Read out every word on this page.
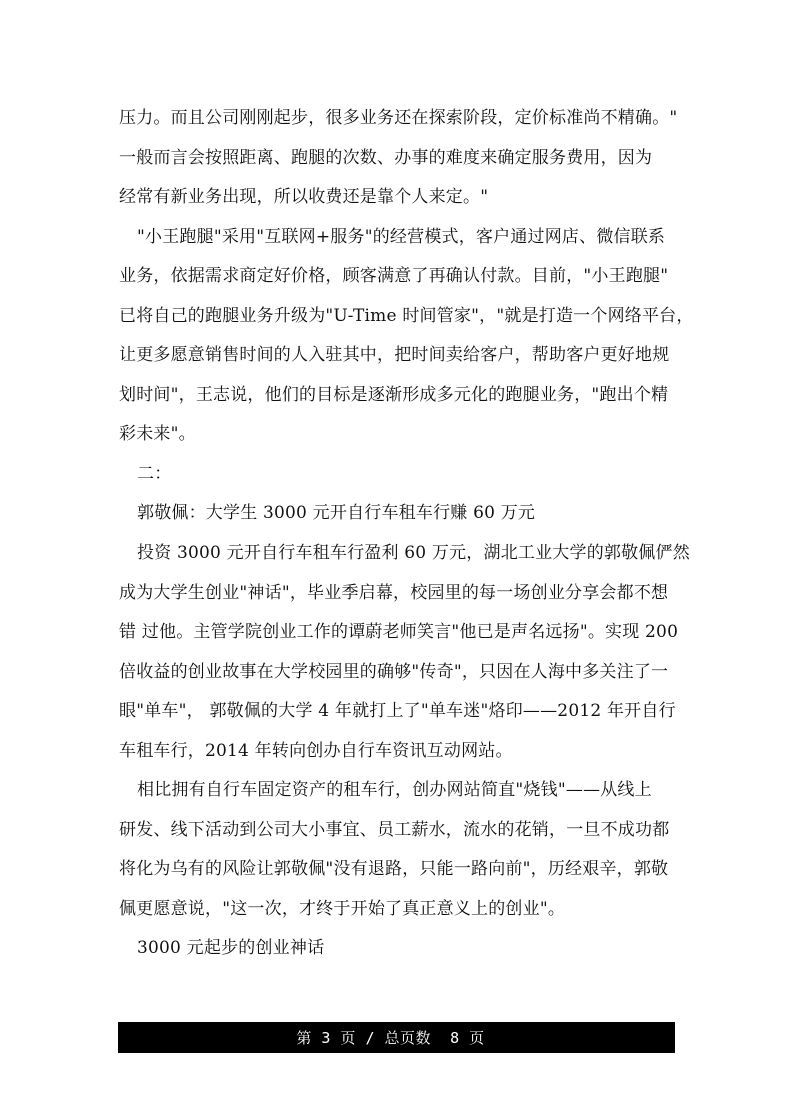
压力。而且公司刚刚起步，很多业务还在探索阶段，定价标准尚不精确。"
一般而言会按照距离、跑腿的次数、办事的难度来确定服务费用，因为
经常有新业务出现，所以收费还是靠个人来定。"
"小王跑腿"采用"互联网+服务"的经营模式，客户通过网店、微信联系
业务，依据需求商定好价格，顾客满意了再确认付款。目前，"小王跑腿"
已将自己的跑腿业务升级为"U-Time 时间管家"，"就是打造一个网络平台，
让更多愿意销售时间的人入驻其中，把时间卖给客户，帮助客户更好地规
划时间"，王志说，他们的目标是逐渐形成多元化的跑腿业务，"跑出个精
彩未来"。
二：
郭敬佩：大学生 3000 元开自行车租车行赚 60 万元
投资 3000 元开自行车租车行盈利 60 万元，湖北工业大学的郭敬佩俨然
成为大学生创业"神话"，毕业季启幕，校园里的每一场创业分享会都不想
错 过他。主管学院创业工作的谭蔚老师笑言"他已是声名远扬"。实现 200
倍收益的创业故事在大学校园里的确够"传奇"，只因在人海中多关注了一
眼"单车"， 郭敬佩的大学 4 年就打上了"单车迷"烙印——2012 年开自行
车租车行，2014 年转向创办自行车资讯互动网站。
相比拥有自行车固定资产的租车行，创办网站简直"烧钱"——从线上
研发、线下活动到公司大小事宜、员工薪水，流水的花销，一旦不成功都
将化为乌有的风险让郭敬佩"没有退路，只能一路向前"，历经艰辛，郭敬
佩更愿意说，"这一次，才终于开始了真正意义上的创业"。
3000 元起步的创业神话
第 3 页 / 总页数  8 页
